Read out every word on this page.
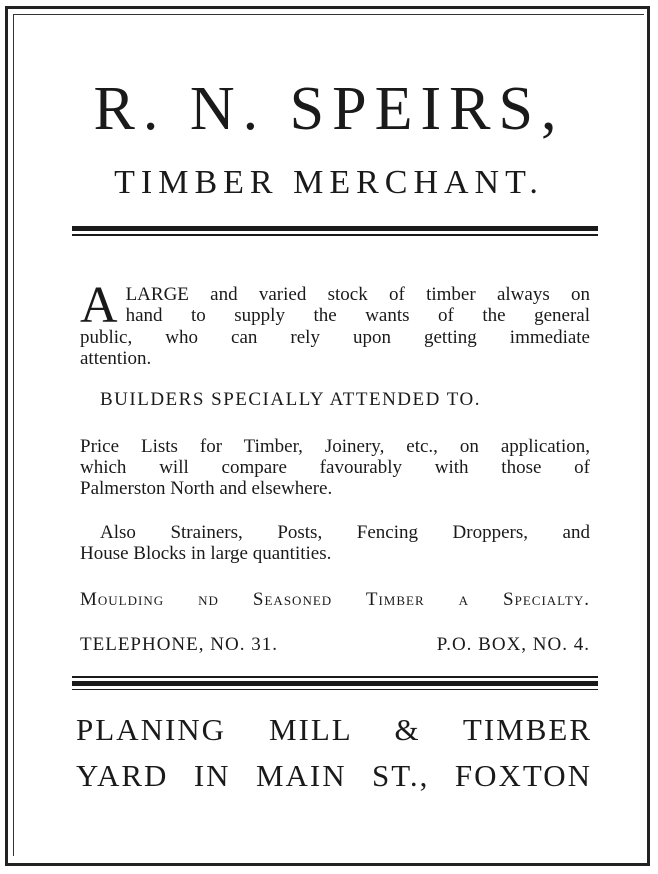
R. N. SPEIRS,
TIMBER MERCHANT.
A LARGE and varied stock of timber always on
hand to supply the wants of the general
public, who can rely upon getting immediate
attention.
BUILDERS SPECIALLY ATTENDED TO.
Price Lists for Timber, Joinery, etc., on application,
which will compare favourably with those of
Palmerston North and elsewhere.
Also Strainers, Posts, Fencing Droppers, and
House Blocks in large quantities.
Moulding nd Seasoned Timber a Specialty.
TELEPHONE, NO. 31.	P.O. BOX, NO. 4.
PLANING MILL & TIMBER
YARD IN MAIN ST., FOXTON
